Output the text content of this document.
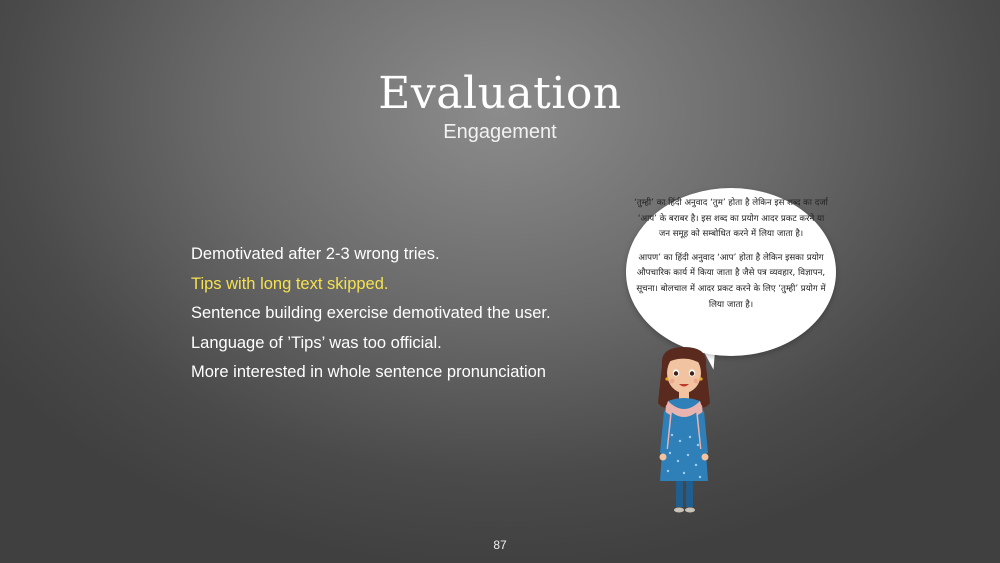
Evaluation
Engagement
Demotivated after 2-3 wrong tries.
Tips with long text skipped.
Sentence building exercise demotivated the user.
Language of ’Tips’ was too official.
More interested in whole sentence pronunciation

‘तुम्ही’ का हिंदी अनुवाद ‘तुम’ होता है लेकिन इस शब्द का दर्जा ‘आप’ के बराबर है। इस शब्द का प्रयोग आदर प्रकट करने या जन समूह को सम्बोधित करने में लिया जाता है।

आपण’ का हिंदी अनुवाद ‘आप’ होता है लेकिन इसका प्रयोग औपचारिक कार्य में किया जाता है जैसे पत्र व्यवहार, विज्ञापन, सूचना। बोलचाल में आदर प्रकट करने के लिए ‘तुम्ही’ प्रयोग में लिया जाता है।

87
